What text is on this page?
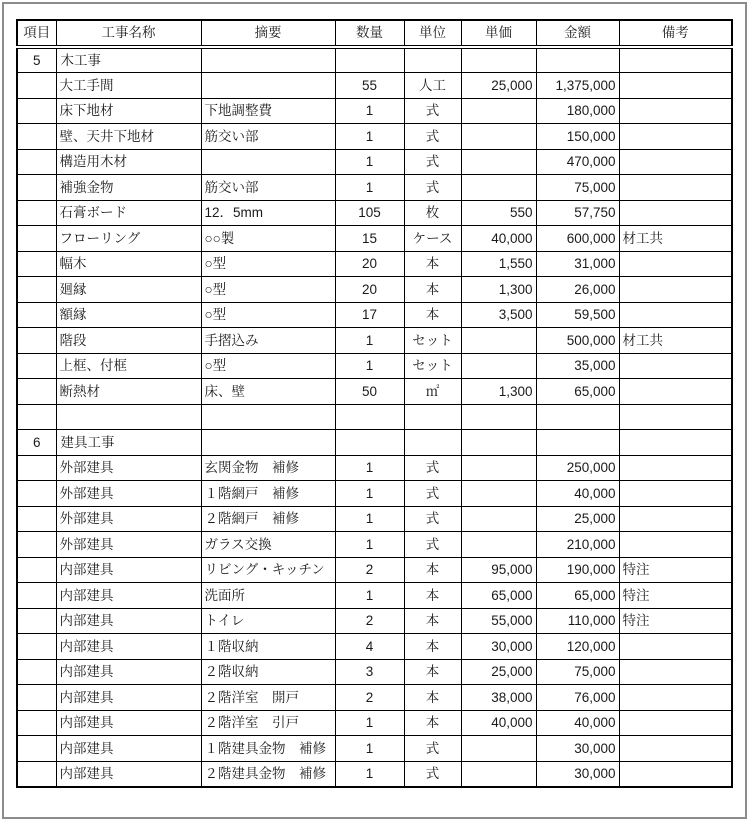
項目	工事名称	摘要	数量	単位	単価	金額	備考
5	木工事						
	大工手間		55	人工	25,000	1,375,000	
	床下地材	下地調整費	1	式		180,000	
	壁、天井下地材	筋交い部	1	式		150,000	
	構造用木材		1	式		470,000	
	補強金物	筋交い部	1	式		75,000	
	石膏ボード	12．5mm	105	枚	550	57,750	
	フローリング	○○製	15	ケース	40,000	600,000	材工共
	幅木	○型	20	本	1,550	31,000	
	廻縁	○型	20	本	1,300	26,000	
	額縁	○型	17	本	3,500	59,500	
	階段	手摺込み	1	セット		500,000	材工共
	上框、付框	○型	1	セット		35,000	
	断熱材	床、壁	50	㎡	1,300	65,000	

6	建具工事						
	外部建具	玄関金物　補修	1	式		250,000	
	外部建具	１階網戸　補修	1	式		40,000	
	外部建具	２階網戸　補修	1	式		25,000	
	外部建具	ガラス交換	1	式		210,000	
	内部建具	リビング・キッチン	2	本	95,000	190,000	特注
	内部建具	洗面所	1	本	65,000	65,000	特注
	内部建具	トイレ	2	本	55,000	110,000	特注
	内部建具	１階収納	4	本	30,000	120,000	
	内部建具	２階収納	3	本	25,000	75,000	
	内部建具	２階洋室　開戸	2	本	38,000	76,000	
	内部建具	２階洋室　引戸	1	本	40,000	40,000	
	内部建具	１階建具金物　補修	1	式		30,000	
	内部建具	２階建具金物　補修	1	式		30,000	
